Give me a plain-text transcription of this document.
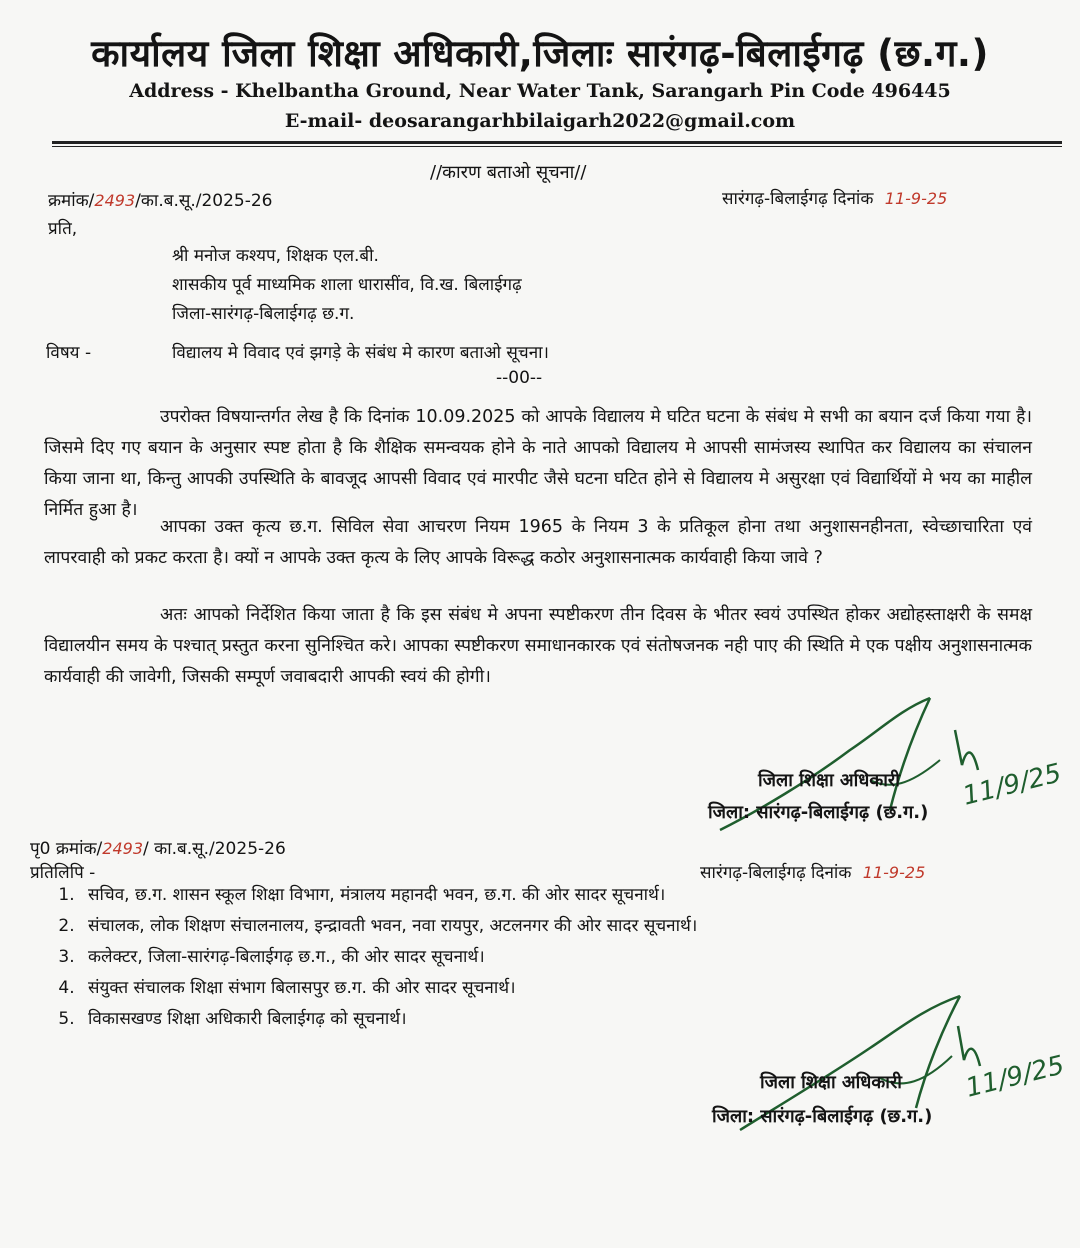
कार्यालय जिला शिक्षा अधिकारी,जिलाः सारंगढ़-बिलाईगढ़ (छ.ग.)
Address - Khelbantha Ground, Near Water Tank, Sarangarh Pin Code 496445
E-mail- deosarangarhbilaigarh2022@gmail.com
//कारण बताओ सूचना//
क्रमांक/2493/का.ब.सू./2025-26	सारंगढ़-बिलाईगढ़ दिनांक 11-9-25
प्रति,
श्री मनोज कश्यप, शिक्षक एल.बी.
शासकीय पूर्व माध्यमिक शाला धारासींव, वि.ख. बिलाईगढ़
जिला-सारंगढ़-बिलाईगढ़ छ.ग.
विषय -	विद्यालय मे विवाद एवं झगड़े के संबंध मे कारण बताओ सूचना।
--00--
उपरोक्त विषयान्तर्गत लेख है कि दिनांक 10.09.2025 को आपके विद्यालय मे घटित घटना के संबंध मे सभी का बयान दर्ज किया गया है। जिसमे दिए गए बयान के अनुसार स्पष्ट होता है कि शैक्षिक समन्वयक होने के नाते आपको विद्यालय मे आपसी सामंजस्य स्थापित कर विद्यालय का संचालन किया जाना था, किन्तु आपकी उपस्थिति के बावजूद आपसी विवाद एवं मारपीट जैसे घटना घटित होने से विद्यालय मे असुरक्षा एवं विद्यार्थियों मे भय का माहील निर्मित हुआ है।
आपका उक्त कृत्य छ.ग. सिविल सेवा आचरण नियम 1965 के नियम 3 के प्रतिकूल होना तथा अनुशासनहीनता, स्वेच्छाचारिता एवं लापरवाही को प्रकट करता है। क्यों न आपके उक्त कृत्य के लिए आपके विरूद्ध कठोर अनुशासनात्मक कार्यवाही किया जावे ?
अतः आपको निर्देशित किया जाता है कि इस संबंध मे अपना स्पष्टीकरण तीन दिवस के भीतर स्वयं उपस्थित होकर अद्योहस्ताक्षरी के समक्ष विद्यालयीन समय के पश्चात् प्रस्तुत करना सुनिश्चित करे। आपका स्पष्टीकरण समाधानकारक एवं संतोषजनक नही पाए की स्थिति मे एक पक्षीय अनुशासनात्मक कार्यवाही की जावेगी, जिसकी सम्पूर्ण जवाबदारी आपकी स्वयं की होगी।
11/9/25
जिला शिक्षा अधिकारी
जिला: सारंगढ़-बिलाईगढ़ (छ.ग.)
पृ0 क्रमांक/2493/ का.ब.सू./2025-26
प्रतिलिपि -	सारंगढ़-बिलाईगढ़ दिनांक 11-9-25
1. सचिव, छ.ग. शासन स्कूल शिक्षा विभाग, मंत्रालय महानदी भवन, छ.ग. की ओर सादर सूचनार्थ।
2. संचालक, लोक शिक्षण संचालनालय, इन्द्रावती भवन, नवा रायपुर, अटलनगर की ओर सादर सूचनार्थ।
3. कलेक्टर, जिला-सारंगढ़-बिलाईगढ़ छ.ग., की ओर सादर सूचनार्थ।
4. संयुक्त संचालक शिक्षा संभाग बिलासपुर छ.ग. की ओर सादर सूचनार्थ।
5. विकासखण्ड शिक्षा अधिकारी बिलाईगढ़ को सूचनार्थ।
11/9/25
जिला शिक्षा अधिकारी
जिला: सारंगढ़-बिलाईगढ़ (छ.ग.)
